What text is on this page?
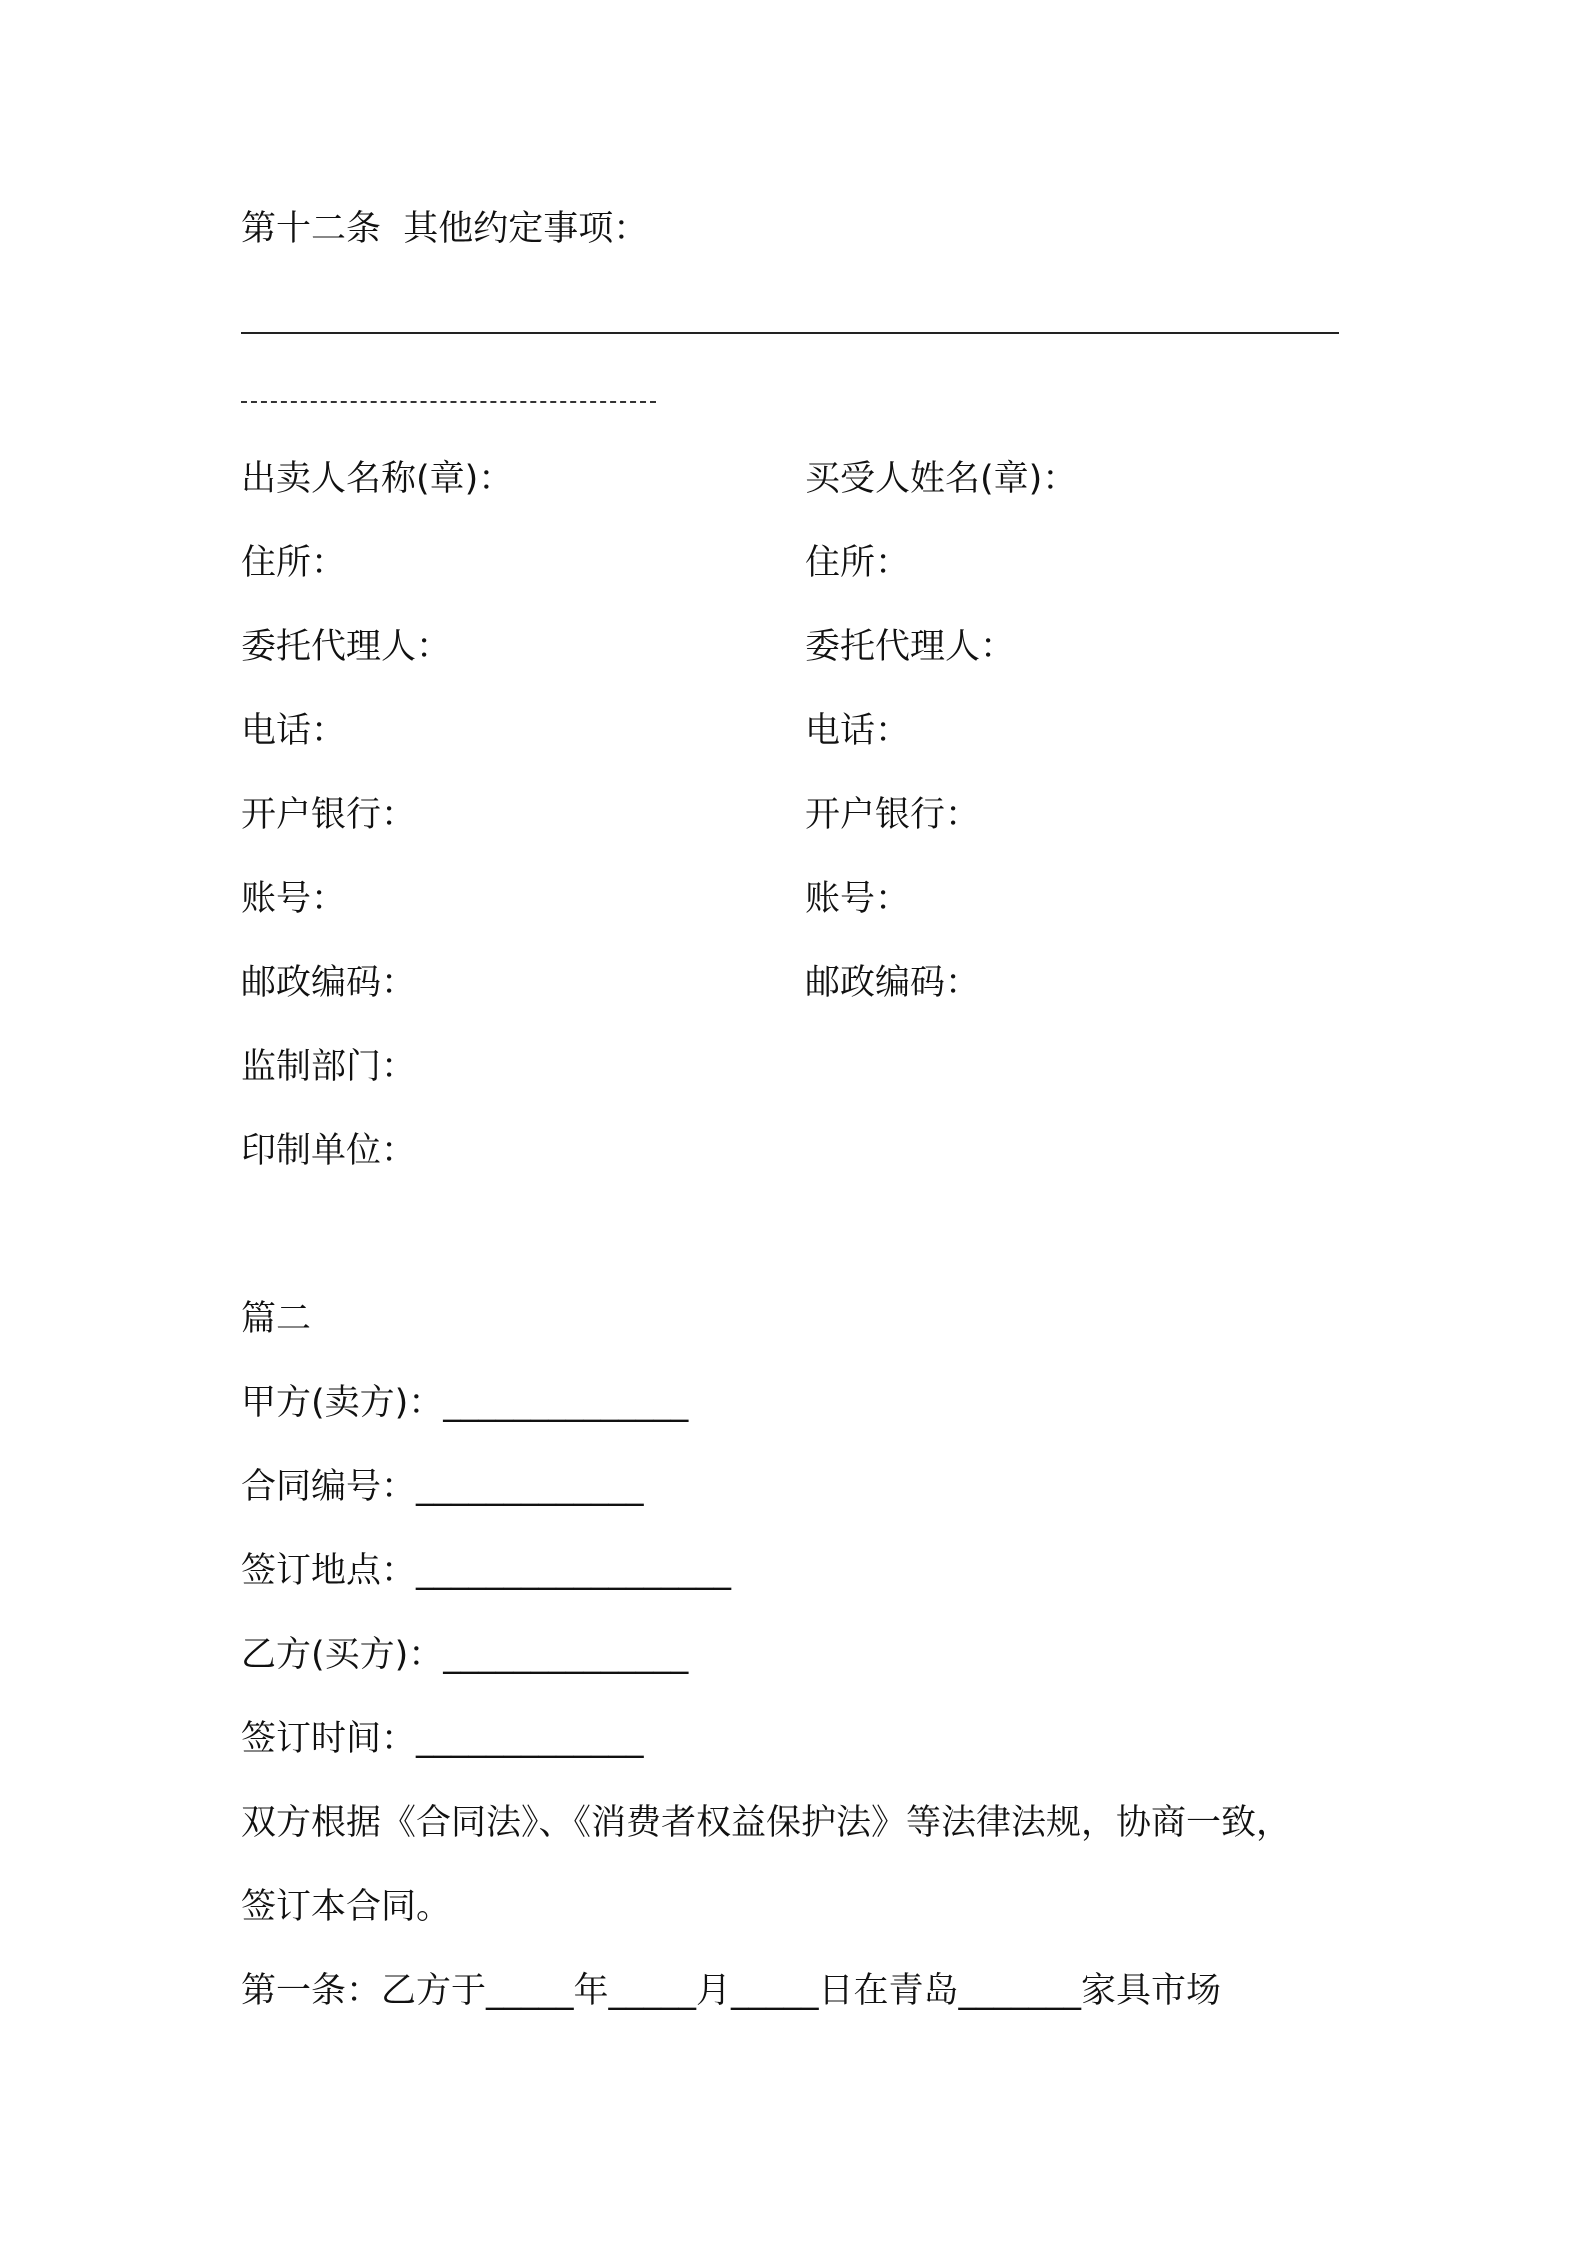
第十二条  其他约定事项：
出卖人名称(章)：
住所：
委托代理人：
电话：
开户银行：
账号：
邮政编码：
买受人姓名(章)：
住所：
委托代理人：
电话：
开户银行：
账号：
邮政编码：
监制部门：
印制单位：
篇二
甲方(卖方)：______________
合同编号：_____________
签订地点：__________________
乙方(买方)：______________
签订时间：_____________
双方根据《合同法》、《消费者权益保护法》等法律法规，协商一致，
签订本合同。
第一条：乙方于_____年_____月_____日在青岛_______家具市场
